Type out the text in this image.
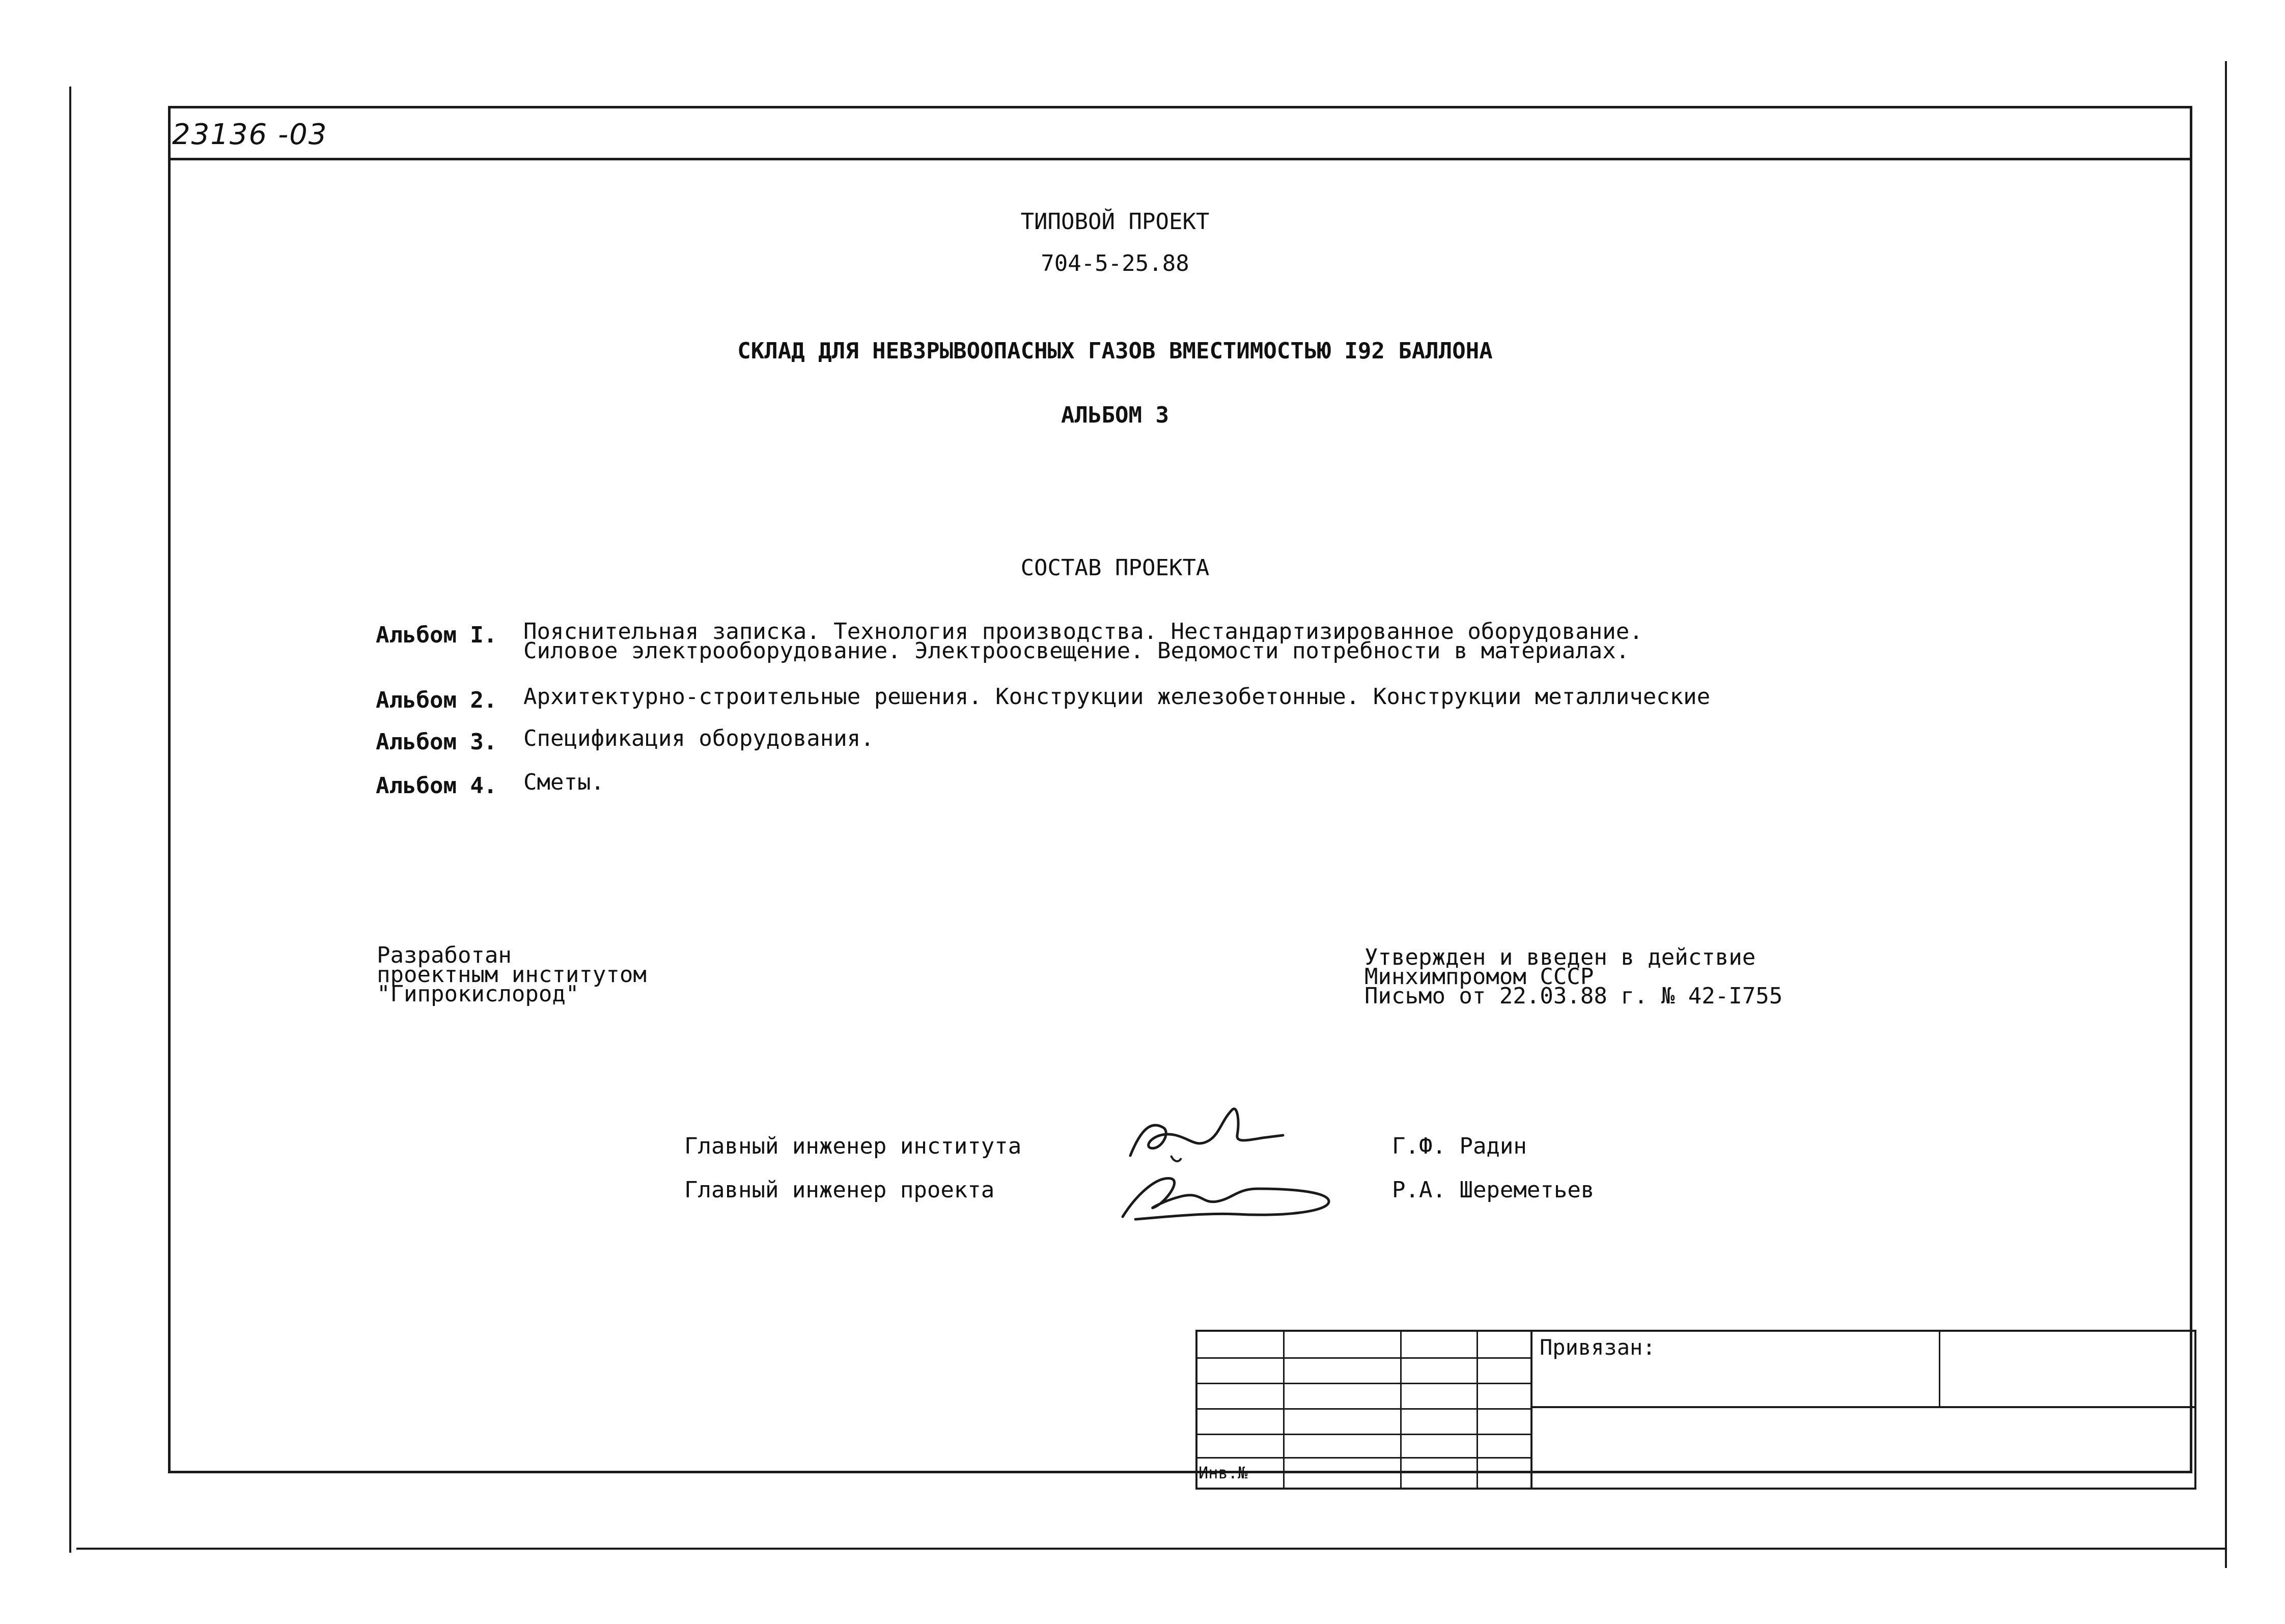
23136 -03
ТИПОВОЙ ПРОЕКТ
704-5-25.88
СКЛАД ДЛЯ НЕВЗРЫВООПАСНЫХ ГАЗОВ ВМЕСТИМОСТЬЮ I92 БАЛЛОНА
АЛЬБОМ 3
СОСТАВ ПРОЕКТА
Альбом I. Пояснительная записка. Технология производства. Нестандартизированное оборудование.
Силовое электрооборудование. Электроосвещение. Ведомости потребности в материалах.
Альбом 2. Архитектурно-строительные решения. Конструкции железобетонные. Конструкции металлические
Альбом 3. Спецификация оборудования.
Альбом 4. Сметы.
Разработан
проектным институтом
"Гипрокислород"
Утвержден и введен в действие
Минхимпромом СССР
Письмо от 22.03.88 г. № 42-I755
Главный инженер института	Г.Ф. Радин
Главный инженер проекта	Р.А. Шереметьев
Привязан:
Инв.№
